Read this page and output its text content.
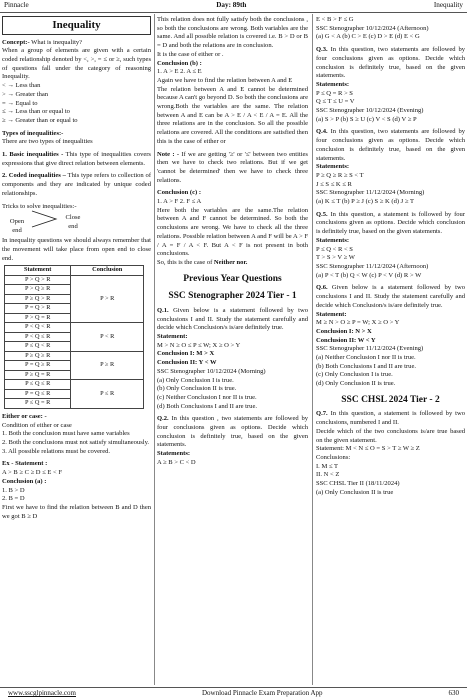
Pinnacle	Day: 89th	Inequality
Inequality

Concept:- What is inequality?

When a group of elements are given with a certain coded relationship denoted by <, >, = ≤ or ≥, such types of questions fall under the category of reasoning Inequality.

< → Less than

> → Greater than

= → Equal to

≤ → Less than or equal to

≥ → Greater than or equal to

Types of inequalities:-

There are two types of inequalities

1. Basic inequalities - This type of inequalities covers expressions that give direct relation between elements.

2. Coded inequalities – This type refers to collection of components and they are indicated by unique coded relationships.

Tricks to solve inequalities:-

Open
end
Close
end

In inequality questions we should always remember that the movement will take place from open end to close end.

Statement	Conclusion
P > Q > R	P > R
P > Q ≥ R	
P ≥ Q > R	
P = Q > R	
P > Q = R	
P < Q < R	P < R
P < Q ≤ R	
P ≤ Q < R	
P ≥ Q ≥ R	P ≥ R
P = Q ≥ R	
P ≥ Q = R	
P ≤ Q ≤ R	P ≤ R
P = Q ≤ R	
P ≤ Q = R	

Either or case: -

Condition of either or case

1. Both the conclusion must have same variables

2. Both the conclusions must not satisfy simultaneously.

3. All possible relations must be covered.

Ex - Statement :

A > B ≥ C ≥ D ≤ E < F

Conclusion (a) :

1. B > D

2. B = D

First we have to find the relation between B and D then we got B ≥ D

This relation does not fully satisfy both the conclusions , so both the conclusions are wrong. Both variables are the same. And all possible relation is covered i.e. B > D or B = D and both the relations are in conclusion.

It is the case of either or .

Conclusion (b) :

1. A > E 2. A ≤ E

Again we have to find the relation between A and E

The relation between A and E cannot be determined because A can't go beyond D. So both the conclusions are wrong.Both the variables are the same. The relation between A and E can be A > E / A < E / A = E. All the three relations are in the conclusion. So all the possible relations are covered. All the conditions are satisfied then this is the case of either or

Note : - If we are getting '≥' or '≤' between two entities then we have to check two relations. But if we get 'cannot be determined' then we have to check three relations.

Conclusion (c) :

1. A > F 2. F ≤ A

Here both the variables are the same.The relation between A and F cannot be determined. So both the conclusions are wrong. We have to check all the three relations. Possible relation between A and F will be A > F / A = F / A < F. But A < F is not present in both conclusions.

So, this is the case of Neither nor.

Previous Year Questions
SSC Stenographer 2024 Tier - 1

Q.1. Given below is a statement followed by two conclusions I and II. Study the statement carefully and decide which Conclusion/s is/are definitely true.

Statement:

M > N ≥ O ≤ P ≤ W; X ≥ O > Y

Conclusion I: M > X

Conclusion II: Y < W

SSC Stenographer 10/12/2024 (Morning)

(a) Only Conclusion I is true.

(b) Only Conclusion II is true.

(c) Neither Conclusion I nor II is true.

(d) Both Conclusions I and II are true.

Q.2. In this question , two statements are followed by four conclusions given as options. Decide which conclusion is definitely true, based on the given statements.

Statements:

A ≥ B > C < D

E < B > F ≤ G

SSC Stenographer 10/12/2024 (Afternoon)

(a) G < A (b) C > E (c) D > E (d) E < G

Q.3. In this question, two statements are followed by four conclusions given as options. Decide which conclusion is definitely true, based on the given statements.

Statements:

P ≤ Q = R > S

Q ≤ T ≤ U = V

SSC Stenographer 10/12/2024 (Evening)

(a) S > P (b) S ≥ U (c) V < S (d) V ≥ P

Q.4. In this question, two statements are followed by four conclusions given as options. Decide which conclusion is definitely true, based on the given statements.

Statements:

P ≥ Q ≥ R ≥ S < T

J ≤ S ≤ K ≤ R

SSC Stenographer 11/12/2024 (Morning)

(a) K ≤ T (b) P ≥ J (c) S ≥ K (d) J ≥ T

Q.5. In this question, a statement is followed by four conclusions given as options. Decide which conclusion is definitely true, based on the given statements.

Statements:

P ≤ Q < R < S

T > S > V ≥ W

SSC Stenographer 11/12/2024 (Afternoon)

(a) P < T (b) Q < W (c) P < V (d) R > W

Q.6. Given below is a statement followed by two conclusions I and II. Study the statement carefully and decide which Conclusion/s is/are definitely true.

Statement:

M ≥ N > O ≥ P = W; X ≥ O > Y

Conclusion I: N > X

Conclusion II: W < Y

SSC Stenographer 11/12/2024 (Evening)

(a) Neither Conclusion I nor II is true.

(b) Both Conclusions I and II are true.

(c) Only Conclusion I is true.

(d) Only Conclusion II is true.

SSC CHSL 2024 Tier - 2

Q.7. In this question, a statement is followed by two conclusions, numbered I and II.

Decide which of the two conclusions is/are true based on the given statement.

Statement: M < N ≤ O = S > T ≥ W ≥ Z

Conclusions:

I. M ≤ T

II. N < Z

SSC CHSL Tier II (18/11/2024)

(a) Only Conclusion II is true

www.sscglpinnacle.com	Download Pinnacle Exam Preparation App	630
